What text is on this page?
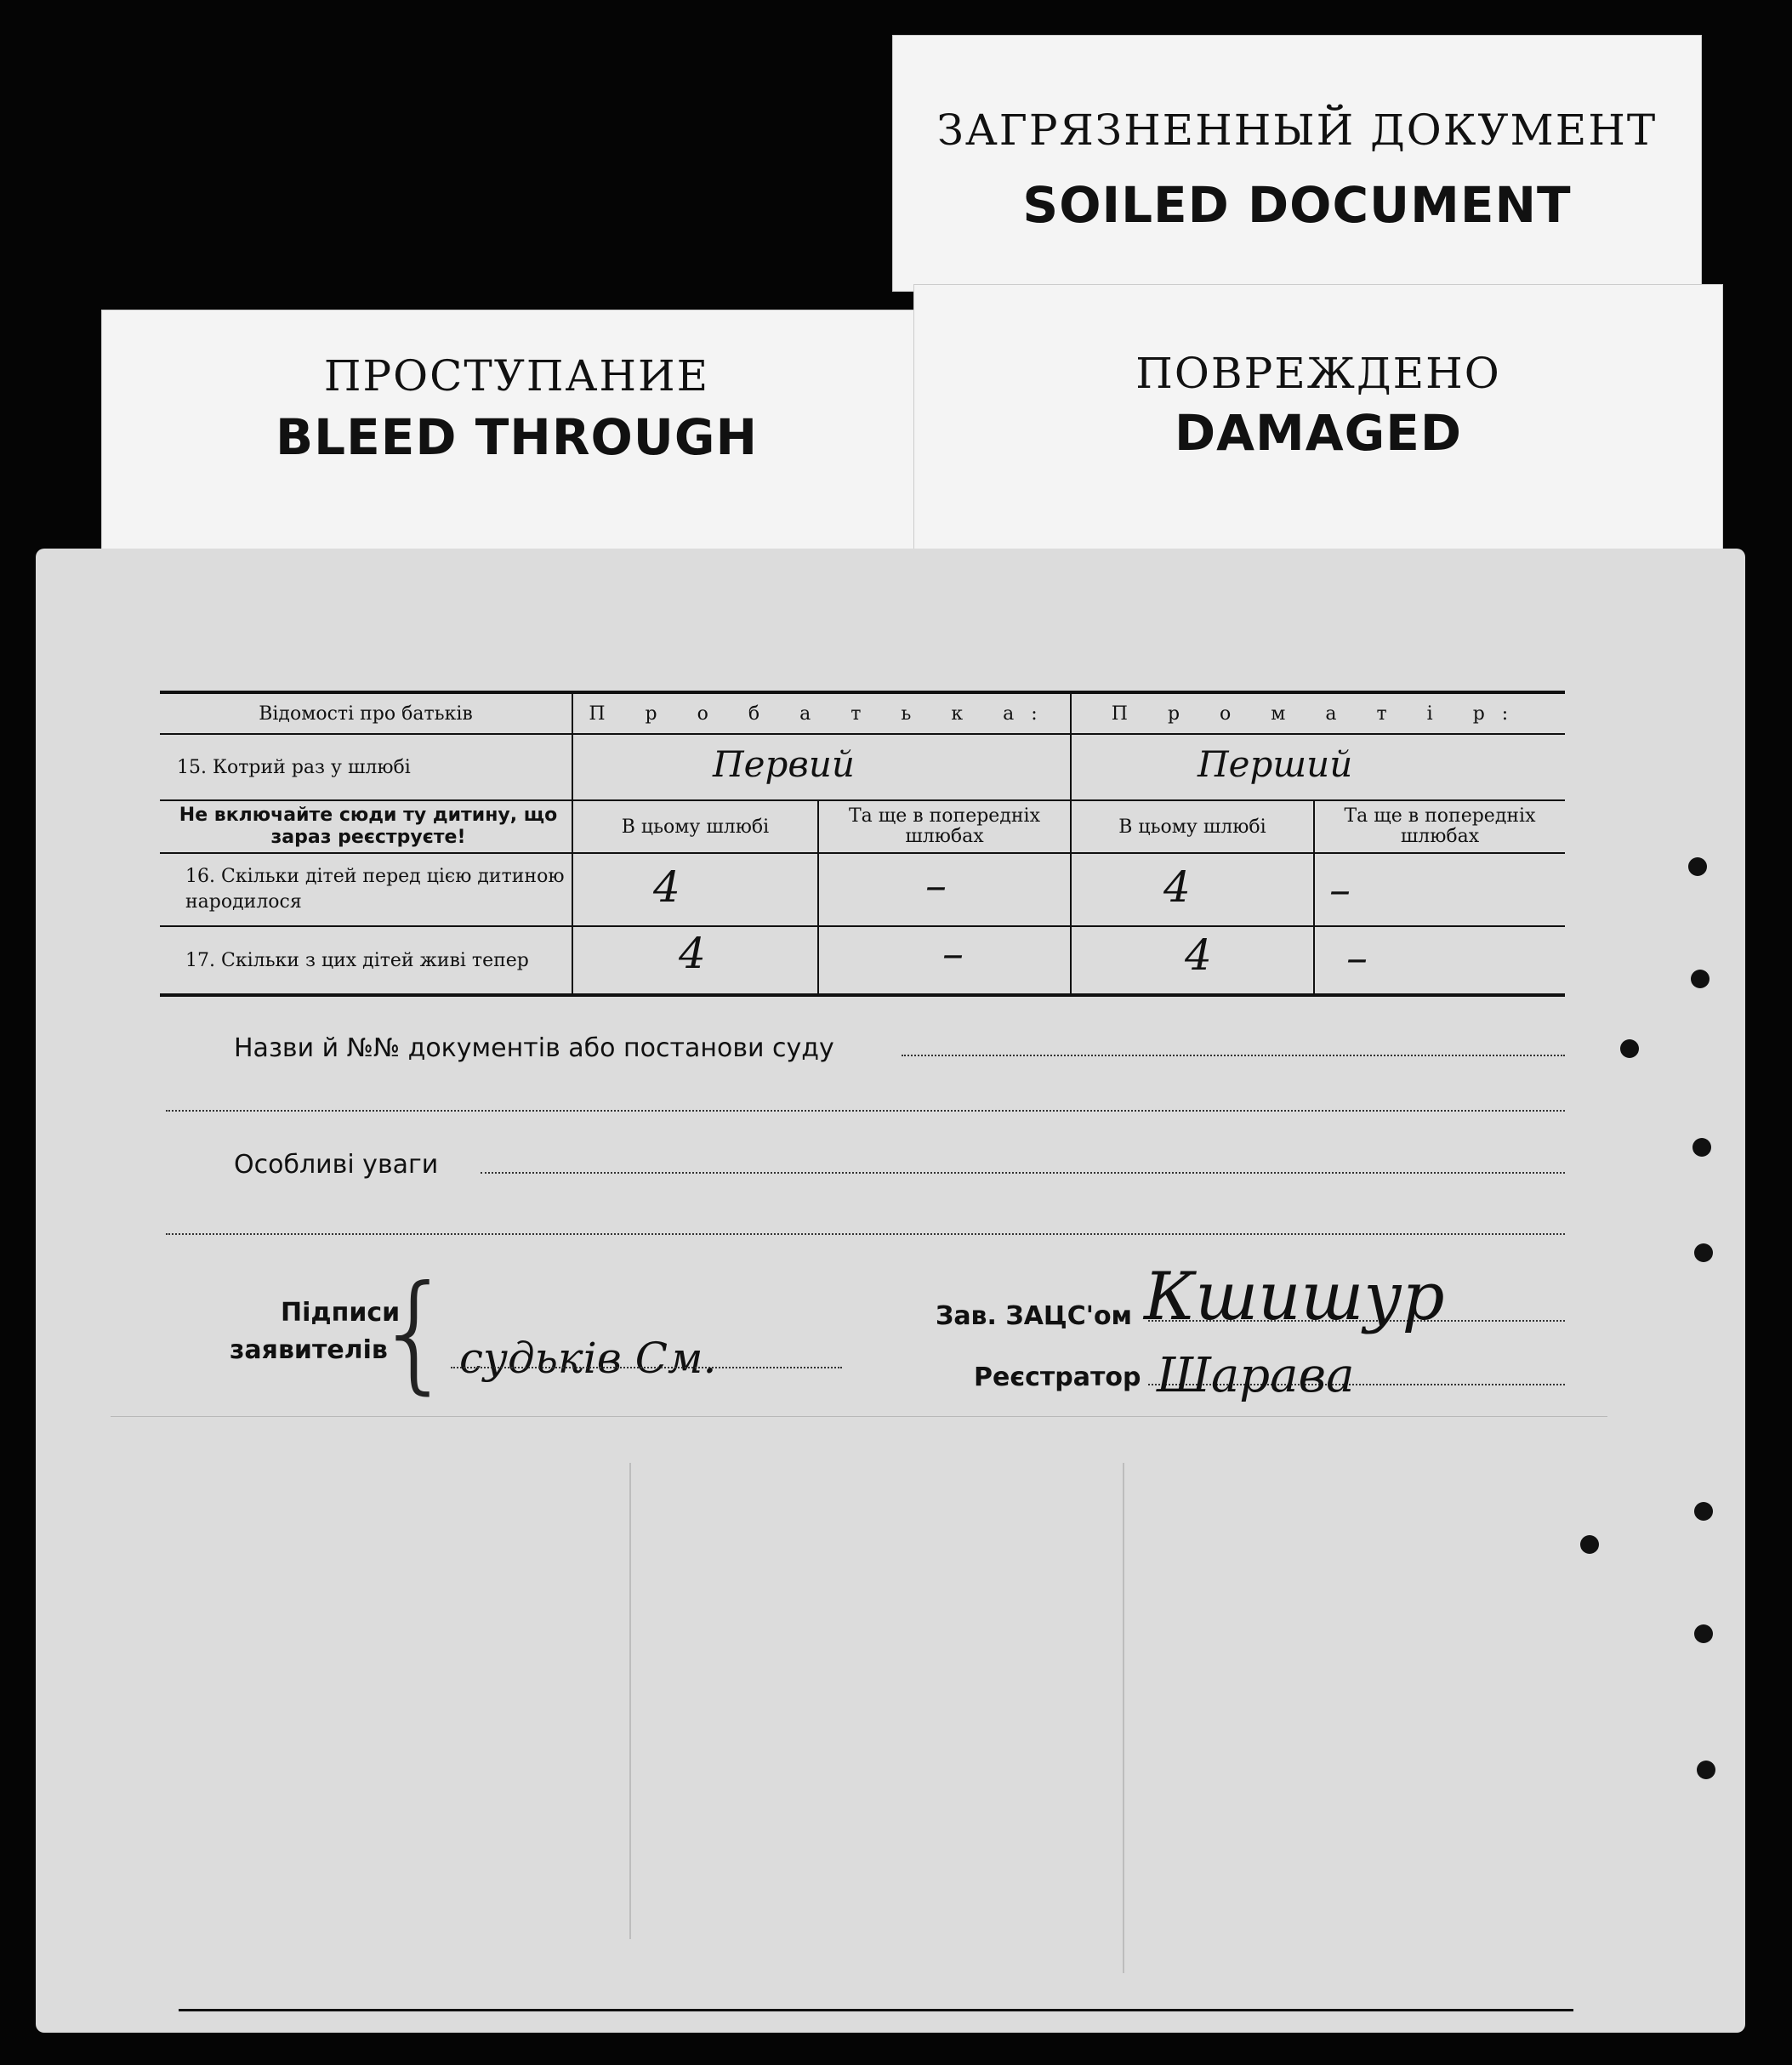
ЗАГРЯЗНЕННЫЙ ДОКУМЕНТ
SOILED DOCUMENT
ПРОСТУПАНИЕ
BLEED THROUGH
ПОВРЕЖДЕНО
DAMAGED
Відомості про батьків	П р о б а т ь к а:	П р о м а т і р:
15. Котрий раз у шлюбі	Первий	Перший
Не включайте сюди ту дитину, що зараз реєструєте!	В цьому шлюбі	Та ще в попередніх шлюбах	В цьому шлюбі	Та ще в попередніх шлюбах
16. Скільки дітей перед цією дитиною народилося	4	–	4	–
17. Скільки з цих дітей живі тепер	4	–	4	–
Назви й №№ документів або постанови суду
Особливі уваги
Підписи
заявителів
{ судьків См.
Зав. ЗАЦС'ом Кшишур
Реєстратор Шарава
